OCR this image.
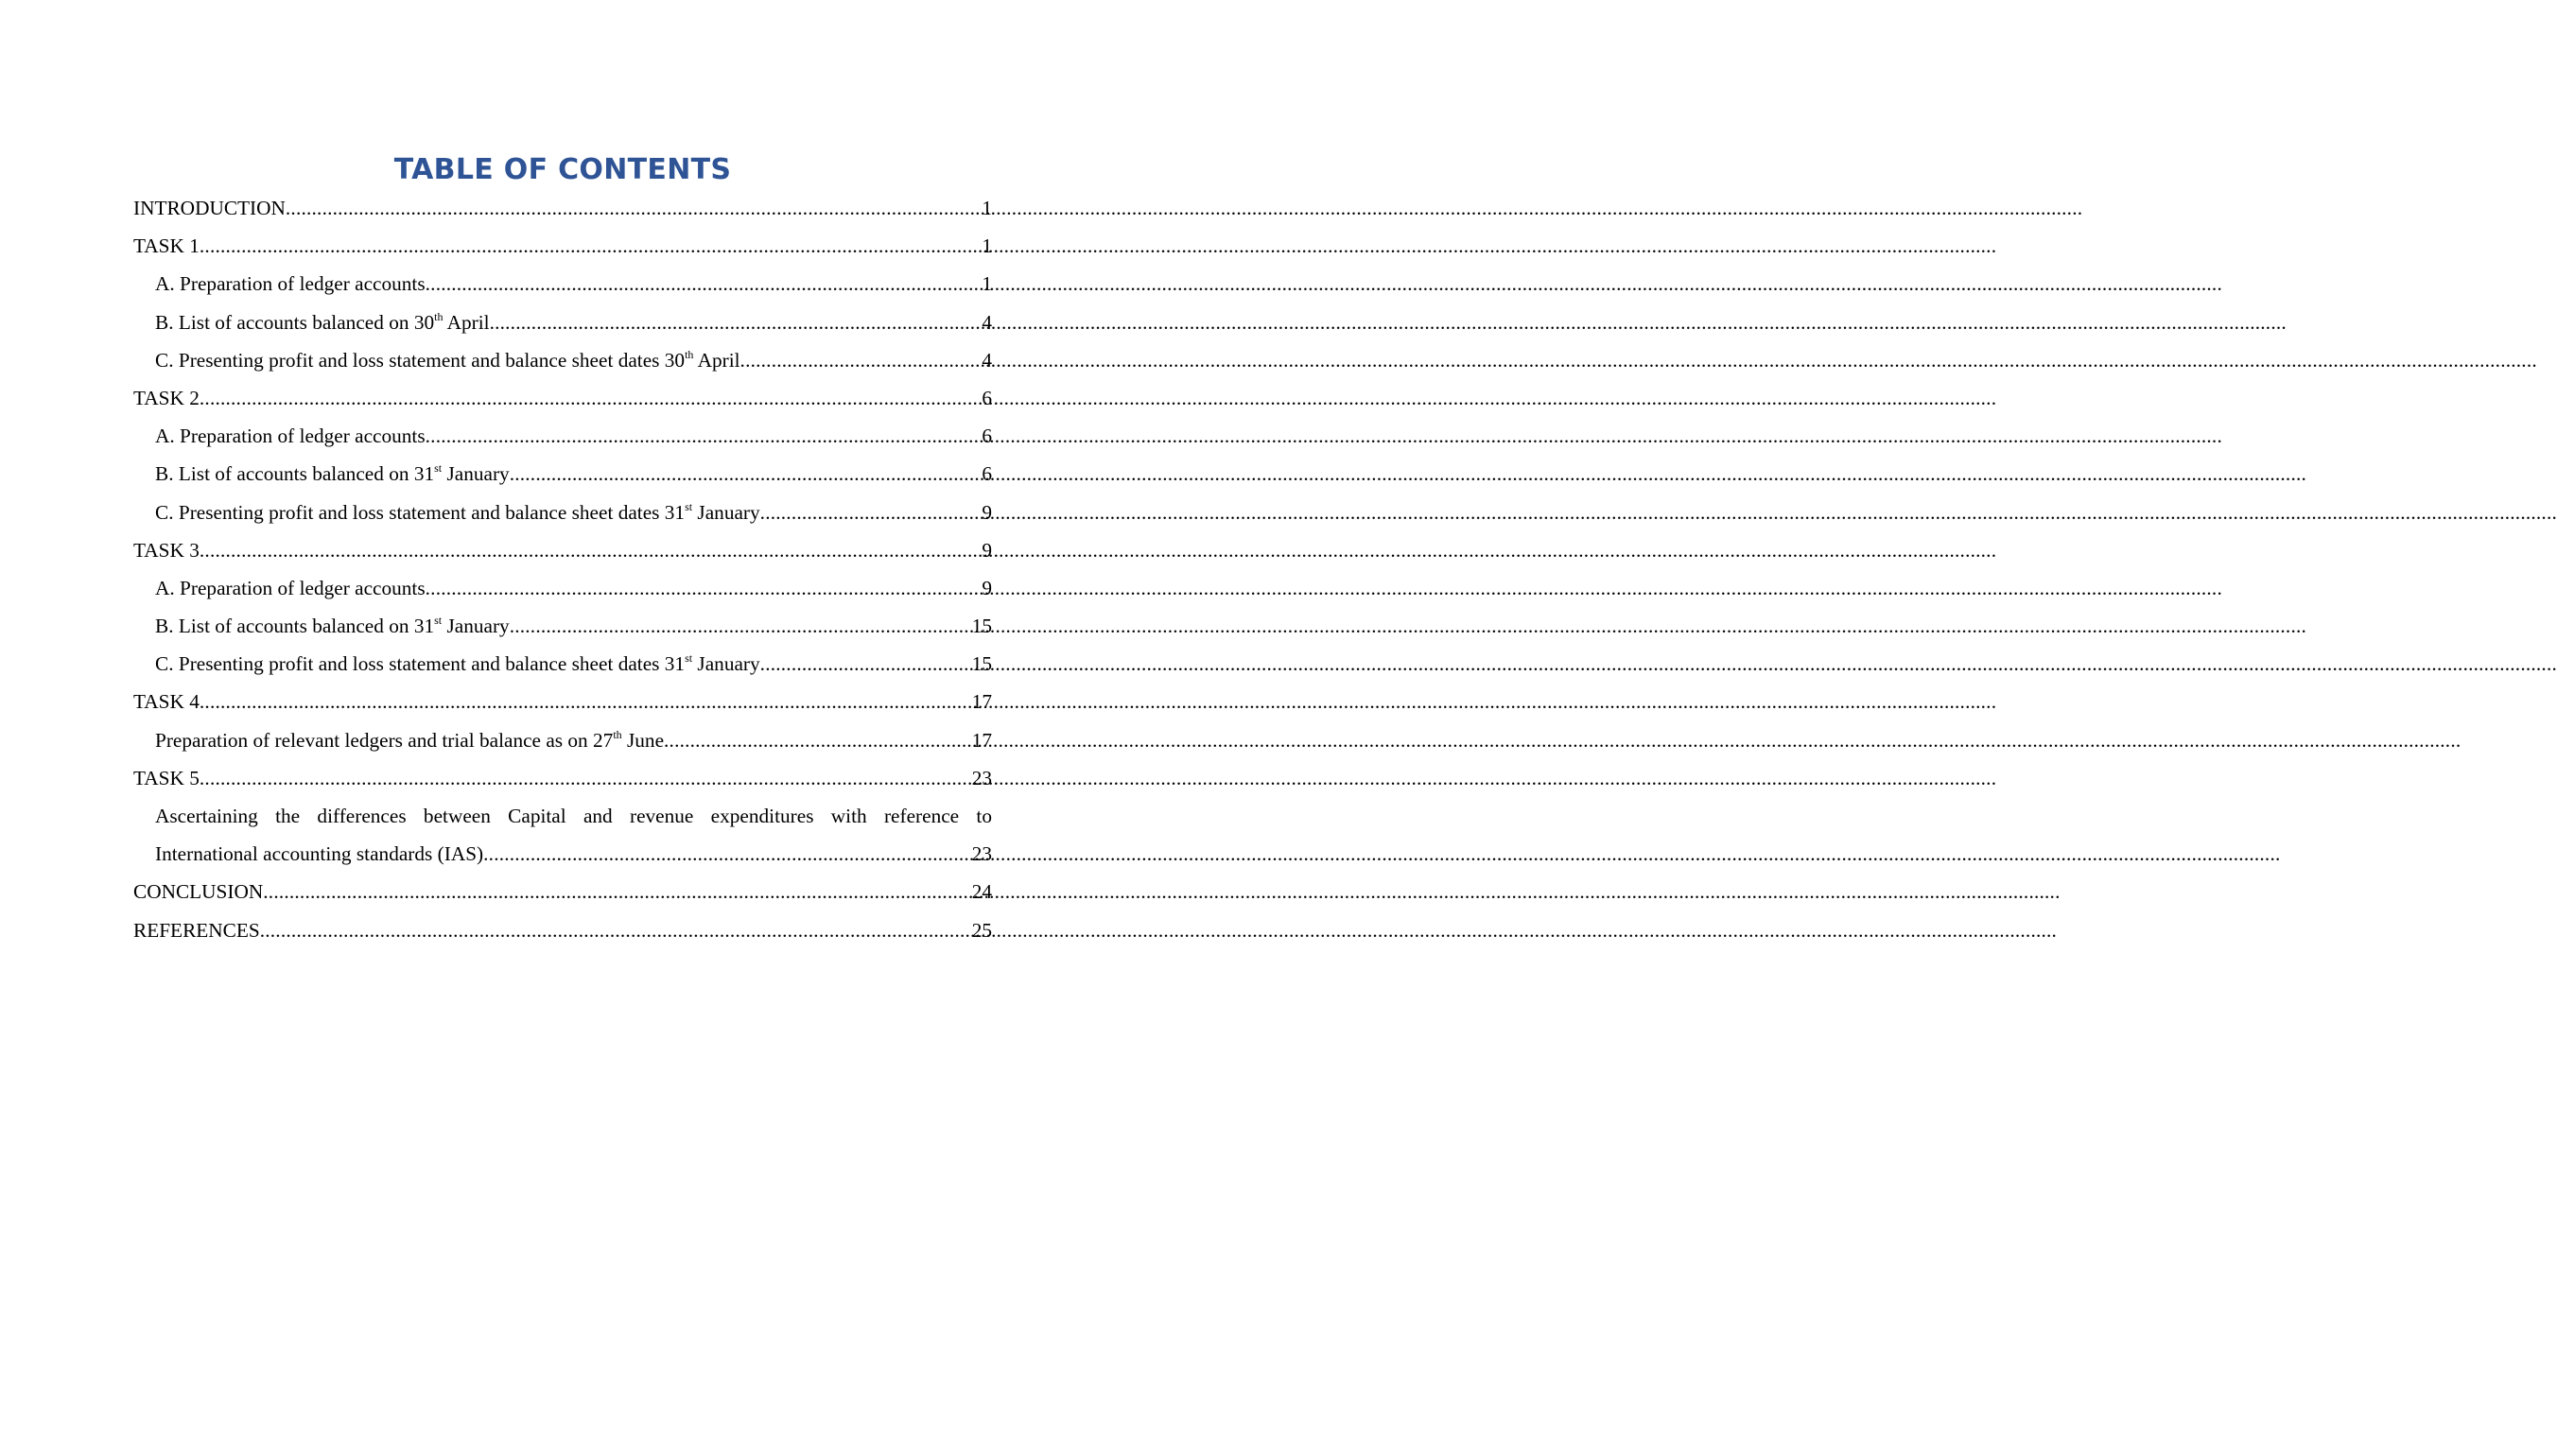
TABLE OF CONTENTS
INTRODUCTION .....	1
TASK 1 .....	1
A. Preparation of ledger accounts .....	1
B. List of accounts balanced on 30th April .....	4
C. Presenting profit and loss statement and balance sheet dates 30th April .....	4
TASK 2 .....	6
A. Preparation of ledger accounts .....	6
B. List of accounts balanced on 31st January .....	6
C. Presenting profit and loss statement and balance sheet dates 31st January .....	9
TASK 3 .....	9
A. Preparation of ledger accounts .....	9
B. List of accounts balanced on 31st January .....	15
C. Presenting profit and loss statement and balance sheet dates 31st January .....	15
TASK 4 .....	17
Preparation of relevant ledgers and trial balance as on 27th June .....	17
TASK 5 .....	23
Ascertaining the differences between Capital and revenue expenditures with reference to
International accounting standards (IAS) .....	23
CONCLUSION .....	24
REFERENCES .....	25
